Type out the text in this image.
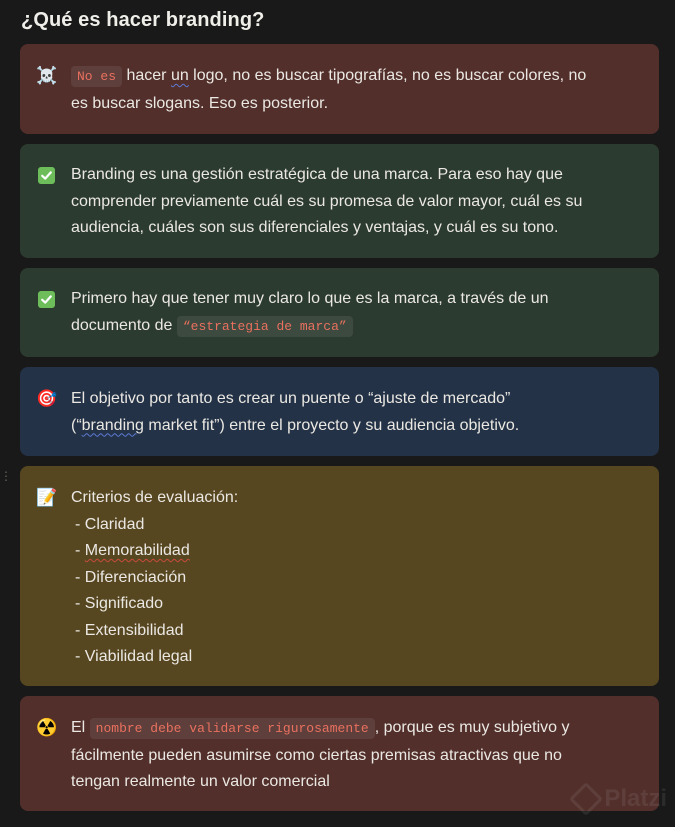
¿Qué es hacer branding?
⋮
☠️	No es hacer un logo, no es buscar tipografías, no es buscar colores, no
es buscar slogans. Eso es posterior.
Branding es una gestión estratégica de una marca. Para eso hay que
comprender previamente cuál es su promesa de valor mayor, cuál es su
audiencia, cuáles son sus diferenciales y ventajas, y cuál es su tono.
Primero hay que tener muy claro lo que es la marca, a través de un
documento de “estrategia de marca”
🎯 El objetivo por tanto es crear un puente o “ajuste de mercado”
(“branding market fit”) entre el proyecto y su audiencia objetivo.
📝 Criterios de evaluación:
- Claridad
- Memorabilidad
- Diferenciación
- Significado
- Extensibilidad
- Viabilidad legal
☢️ El nombre debe validarse rigurosamente , porque es muy subjetivo y
fácilmente pueden asumirse como ciertas premisas atractivas que no
tengan realmente un valor comercial
Platzi
